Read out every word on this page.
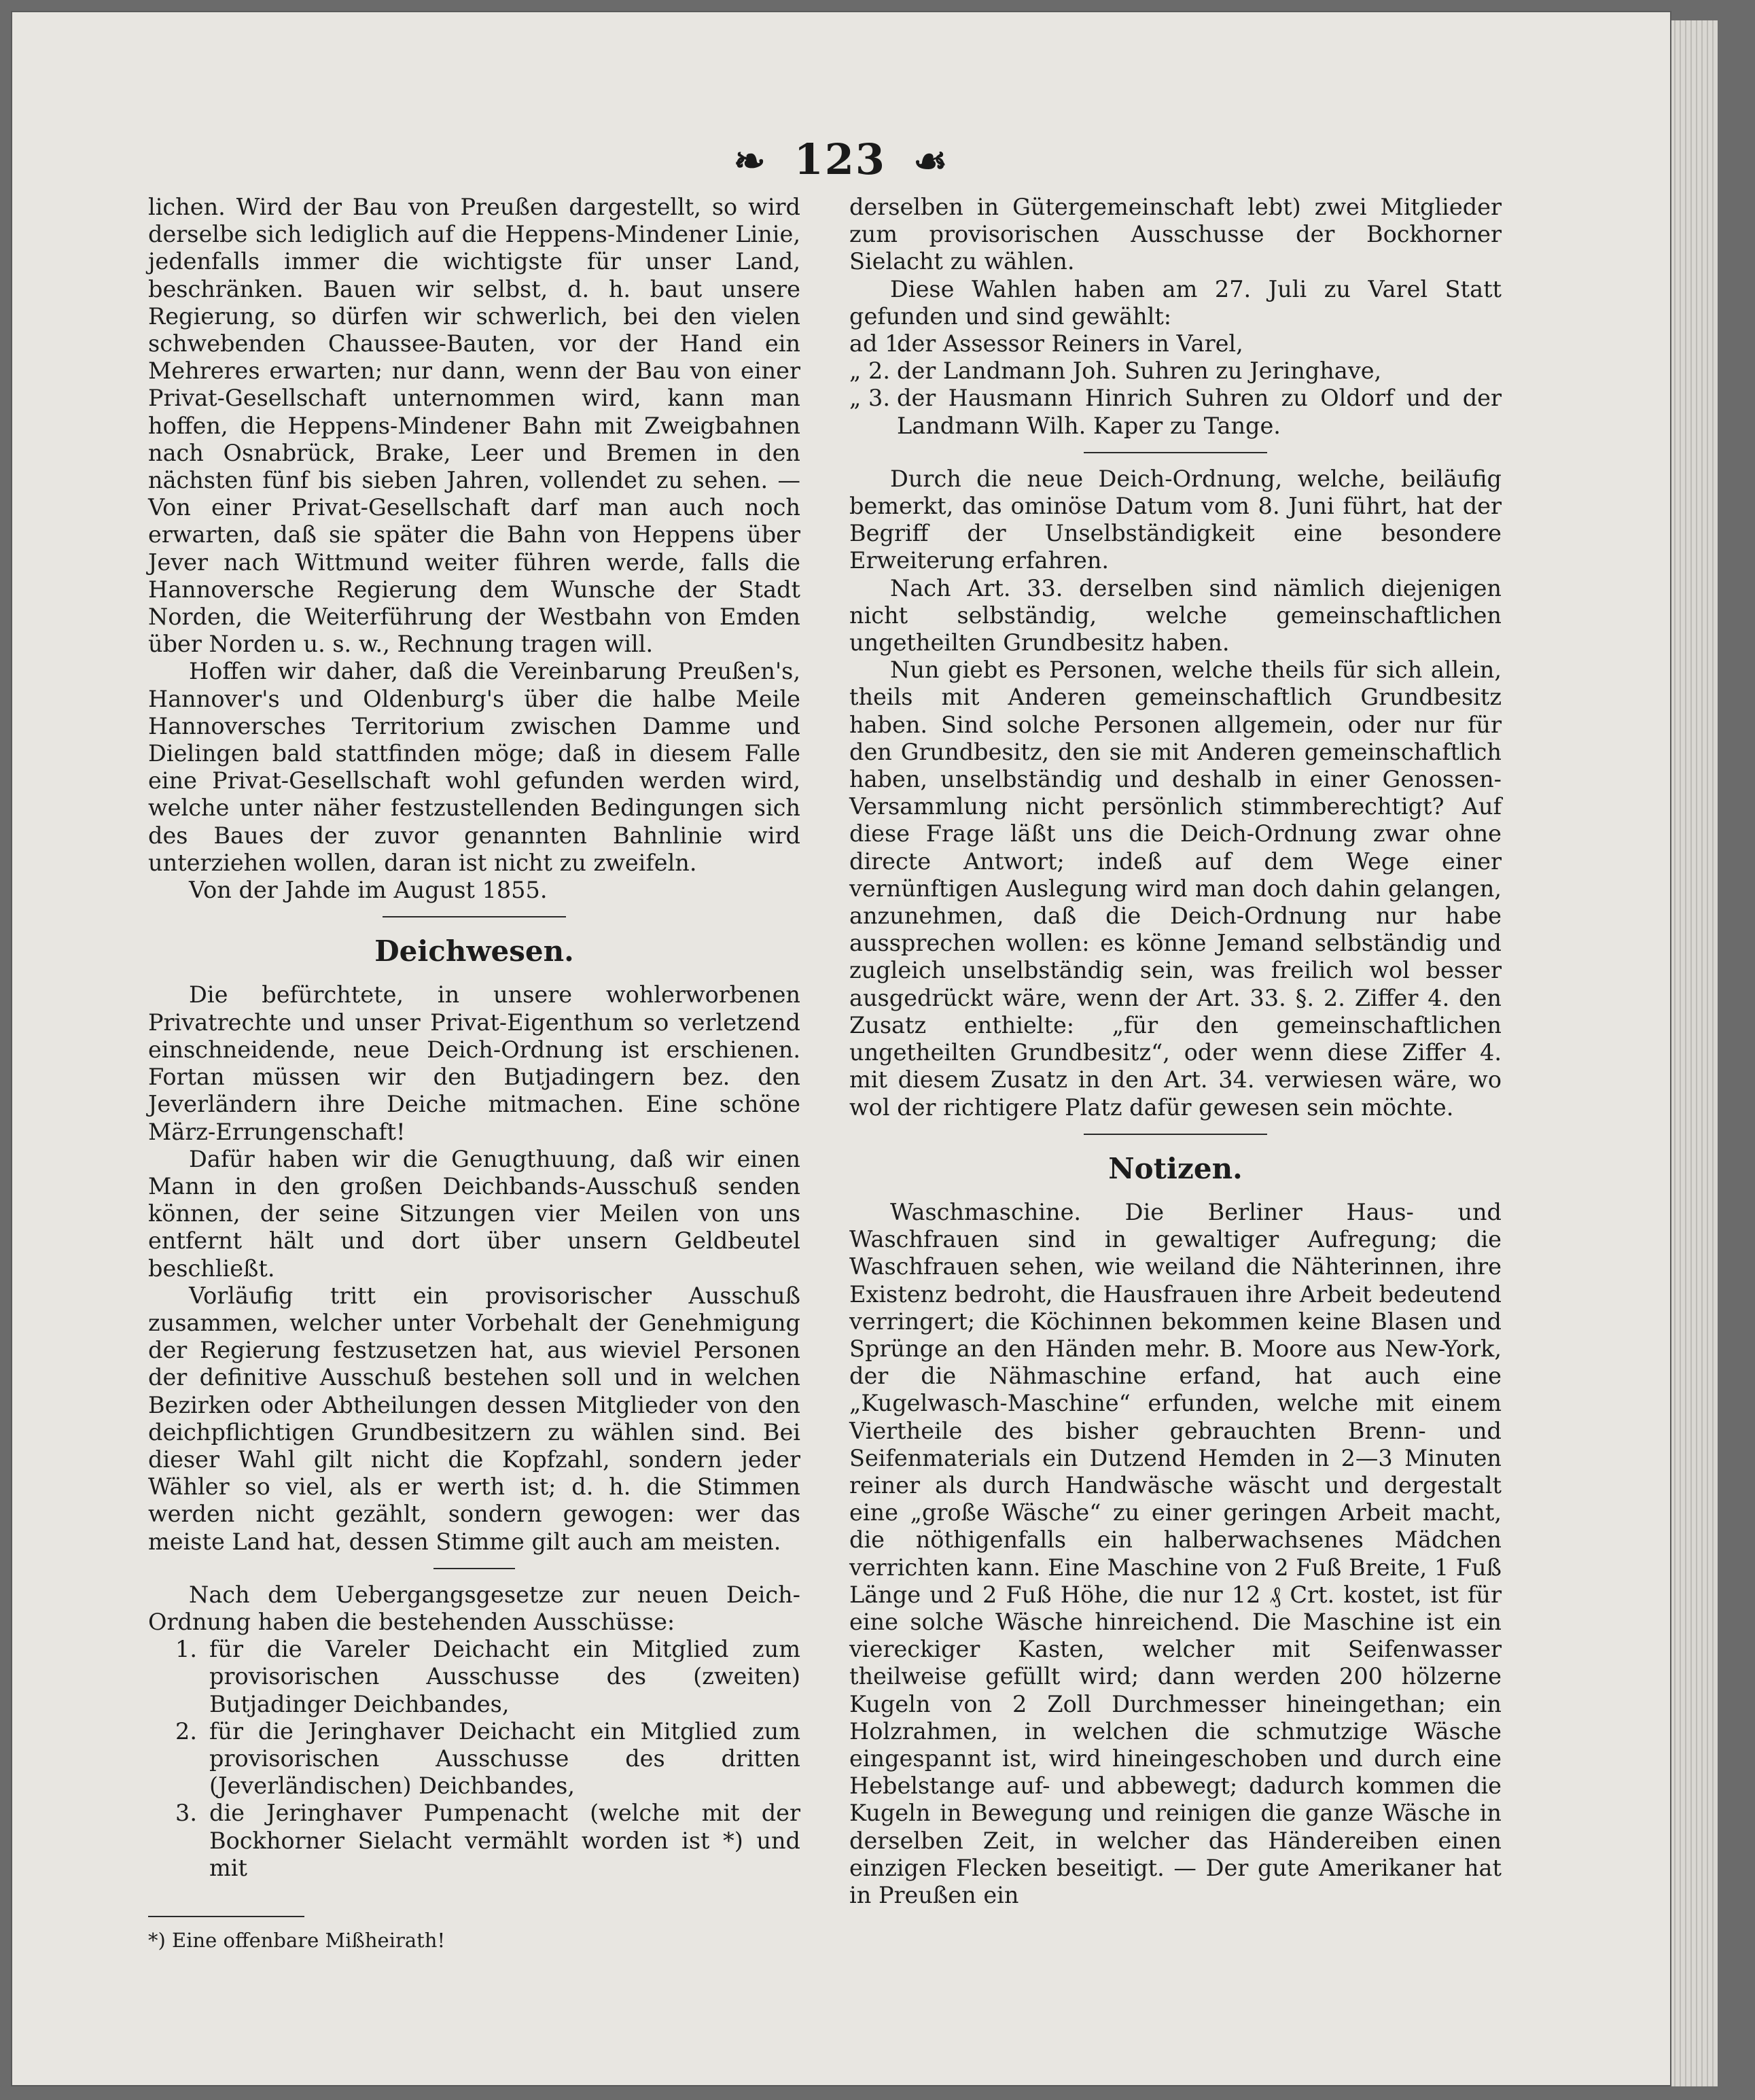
❧ 123 ☙

lichen. Wird der Bau von Preußen dargestellt, so wird derselbe sich lediglich auf die Heppens-Mindener Linie, jedenfalls immer die wichtigste für unser Land, beschränken. Bauen wir selbst, d. h. baut unsere Regierung, so dürfen wir schwerlich, bei den vielen schwebenden Chaussee-Bauten, vor der Hand ein Mehreres erwarten; nur dann, wenn der Bau von einer Privat-Gesellschaft unternommen wird, kann man hoffen, die Heppens-Mindener Bahn mit Zweigbahnen nach Osnabrück, Brake, Leer und Bremen in den nächsten fünf bis sieben Jahren, vollendet zu sehen. — Von einer Privat-Gesellschaft darf man auch noch erwarten, daß sie später die Bahn von Heppens über Jever nach Wittmund weiter führen werde, falls die Hannoversche Regierung dem Wunsche der Stadt Norden, die Weiterführung der Westbahn von Emden über Norden u. s. w., Rechnung tragen will.

Hoffen wir daher, daß die Vereinbarung Preußen's, Hannover's und Oldenburg's über die halbe Meile Hannoversches Territorium zwischen Damme und Dielingen bald stattfinden möge; daß in diesem Falle eine Privat-Gesellschaft wohl gefunden werden wird, welche unter näher festzustellenden Bedingungen sich des Baues der zuvor genannten Bahnlinie wird unterziehen wollen, daran ist nicht zu zweifeln.

Von der Jahde im August 1855.

Deichwesen.

Die befürchtete, in unsere wohlerworbenen Privatrechte und unser Privat-Eigenthum so verletzend einschneidende, neue Deich-Ordnung ist erschienen. Fortan müssen wir den Butjadingern bez. den Jeverländern ihre Deiche mitmachen. Eine schöne März-Errungenschaft!

Dafür haben wir die Genugthuung, daß wir einen Mann in den großen Deichbands-Ausschuß senden können, der seine Sitzungen vier Meilen von uns entfernt hält und dort über unsern Geldbeutel beschließt.

Vorläufig tritt ein provisorischer Ausschuß zusammen, welcher unter Vorbehalt der Genehmigung der Regierung festzusetzen hat, aus wieviel Personen der definitive Ausschuß bestehen soll und in welchen Bezirken oder Abtheilungen dessen Mitglieder von den deichpflichtigen Grundbesitzern zu wählen sind. Bei dieser Wahl gilt nicht die Kopfzahl, sondern jeder Wähler so viel, als er werth ist; d. h. die Stimmen werden nicht gezählt, sondern gewogen: wer das meiste Land hat, dessen Stimme gilt auch am meisten.

Nach dem Uebergangsgesetze zur neuen Deich-Ordnung haben die bestehenden Ausschüsse:

1. für die Vareler Deichacht ein Mitglied zum provisorischen Ausschusse des (zweiten) Butjadinger Deichbandes,
2. für die Jeringhaver Deichacht ein Mitglied zum provisorischen Ausschusse des dritten (Jeverländischen) Deichbandes,
3. die Jeringhaver Pumpenacht (welche mit der Bockhorner Sielacht vermählt worden ist *) und mit
*) Eine offenbare Mißheirath!

derselben in Gütergemeinschaft lebt) zwei Mitglieder zum provisorischen Ausschusse der Bockhorner Sielacht zu wählen.

Diese Wahlen haben am 27. Juli zu Varel Statt gefunden und sind gewählt:

ad 1.
der Assessor Reiners in Varel,
„ 2. der Landmann Joh. Suhren zu Jeringhave,
„ 3. der Hausmann Hinrich Suhren zu Oldorf und der Landmann Wilh. Kaper zu Tange.

Durch die neue Deich-Ordnung, welche, beiläufig bemerkt, das ominöse Datum vom 8. Juni führt, hat der Begriff der Unselbständigkeit eine besondere Erweiterung erfahren.

Nach Art. 33. derselben sind nämlich diejenigen nicht selbständig, welche gemeinschaftlichen ungetheilten Grundbesitz haben.

Nun giebt es Personen, welche theils für sich allein, theils mit Anderen gemeinschaftlich Grundbesitz haben. Sind solche Personen allgemein, oder nur für den Grundbesitz, den sie mit Anderen gemeinschaftlich haben, unselbständig und deshalb in einer Genossen-Versammlung nicht persönlich stimmberechtigt? Auf diese Frage läßt uns die Deich-Ordnung zwar ohne directe Antwort; indeß auf dem Wege einer vernünftigen Auslegung wird man doch dahin gelangen, anzunehmen, daß die Deich-Ordnung nur habe aussprechen wollen: es könne Jemand selbständig und zugleich unselbständig sein, was freilich wol besser ausgedrückt wäre, wenn der Art. 33. §. 2. Ziffer 4. den Zusatz enthielte: „für den gemeinschaftlichen ungetheilten Grundbesitz“, oder wenn diese Ziffer 4. mit diesem Zusatz in den Art. 34. verwiesen wäre, wo wol der richtigere Platz dafür gewesen sein möchte.

Notizen.

Waschmaschine. Die Berliner Haus- und Waschfrauen sind in gewaltiger Aufregung; die Waschfrauen sehen, wie weiland die Nähterinnen, ihre Existenz bedroht, die Hausfrauen ihre Arbeit bedeutend verringert; die Köchinnen bekommen keine Blasen und Sprünge an den Händen mehr. B. Moore aus New-York, der die Nähmaschine erfand, hat auch eine „Kugelwasch-Maschine“ erfunden, welche mit einem Viertheile des bisher gebrauchten Brenn- und Seifenmaterials ein Dutzend Hemden in 2—3 Minuten reiner als durch Handwäsche wäscht und dergestalt eine „große Wäsche“ zu einer geringen Arbeit macht, die nöthigenfalls ein halberwachsenes Mädchen verrichten kann. Eine Maschine von 2 Fuß Breite, 1 Fuß Länge und 2 Fuß Höhe, die nur 12 ₰ Crt. kostet, ist für eine solche Wäsche hinreichend. Die Maschine ist ein viereckiger Kasten, welcher mit Seifenwasser theilweise gefüllt wird; dann werden 200 hölzerne Kugeln von 2 Zoll Durchmesser hineingethan; ein Holzrahmen, in welchen die schmutzige Wäsche eingespannt ist, wird hineingeschoben und durch eine Hebelstange auf- und abbewegt; dadurch kommen die Kugeln in Bewegung und reinigen die ganze Wäsche in derselben Zeit, in welcher das Händereiben einen einzigen Flecken beseitigt. — Der gute Amerikaner hat in Preußen ein
